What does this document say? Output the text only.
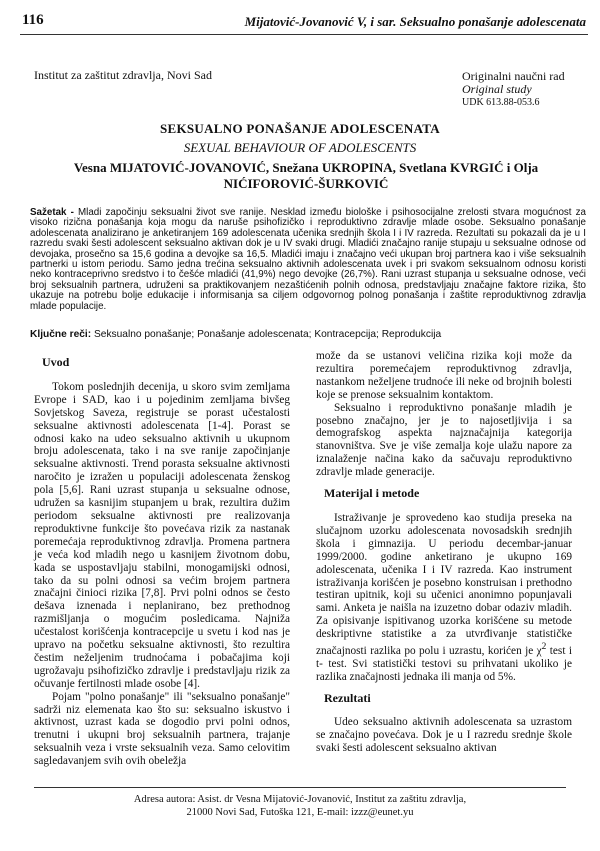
116	Mijatović-Jovanović V, i sar. Seksualno ponašanje adolescenata
Institut za zaštitut zdravlja, Novi Sad	Originalni naučni rad
Original study
UDK 613.88-053.6
SEKSUALNO PONAŠANJE ADOLESCENATA
SEXUAL BEHAVIOUR OF ADOLESCENTS
Vesna MIJATOVIĆ-JOVANOVIĆ, Snežana UKROPINA, Svetlana KVRGIĆ i Olja NIĆIFOROVIĆ-ŠURKOVIĆ
Sažetak - Mladi započinju seksualni život sve ranije. Nesklad između biološke i psihosocijalne zrelosti stvara mogućnost za visoko rizična ponašanja koja mogu da naruše psihofizičko i reproduktivno zdravlje mlade osobe. Seksualno ponašanje adolescenata analizirano je anketiranjem 169 adolescenata učenika srednjih škola I i IV razreda. Rezultati su pokazali da je u I razredu svaki šesti adolescent seksualno aktivan dok je u IV svaki drugi. Mladići značajno ranije stupaju u seksualne odnose od devojaka, prosečno sa 15,6 godina a devojke sa 16,5. Mladići imaju i značajno veći ukupan broj partnera kao i više seksualnih partnerki u istom periodu. Samo jedna trećina seksualno aktivnih adolescenata uvek i pri svakom seksualnom odnosu koristi neko kontraceprivno sredstvo i to češće mladići (41,9%) nego devojke (26,7%). Rani uzrast stupanja u seksualne odnose, veći broj seksualnih partnera, udruženi sa praktikovanjem nezaštićenih polnih odnosa, predstavljaju značajne faktore rizika, što ukazuje na potrebu bolje edukacije i informisanja sa ciljem odgovornog polnog ponašanja i zaštite reproduktivnog zdravlja mlade populacije.
Ključne reči: Seksualno ponašanje; Ponašanje adolescenata; Kontracepcija; Reprodukcija
Uvod

Tokom poslednjih decenija, u skoro svim zemljama Evrope i SAD, kao i u pojedinim zemljama bivšeg Sovjetskog Saveza, registruje se porast učestalosti seksualne aktivnosti adolescenata [1-4]. Porast se odnosi kako na udeo seksualno aktivnih u ukupnom broju adolescenata, tako i na sve ranije započinjanje seksualne aktivnosti. Trend porasta seksualne aktivnosti naročito je izražen u populaciji adolescenata ženskog pola [5,6]. Rani uzrast stupanja u seksualne odnose, udružen sa kasnijim stupanjem u brak, rezultira dužim periodom seksualne aktivnosti pre realizovanja reproduktivne funkcije što povećava rizik za nastanak poremećaja reproduktivnog zdravlja. Promena partnera je veća kod mladih nego u kasnijem životnom dobu, kada se uspostavljaju stabilni, monogamijski odnosi, tako da su polni odnosi sa većim brojem partnera značajni činioci rizika [7,8]. Prvi polni odnos se često dešava iznenada i neplanirano, bez prethodnog razmišljanja o mogućim posledicama. Najniža učestalost korišćenja kontracepcije u svetu i kod nas je upravo na početku seksualne aktivnosti, što rezultira čestim neželjenim trudnoćama i pobačajima koji ugrožavaju psihofizičko zdravlje i predstavljaju rizik za očuvanje fertilnosti mlade osobe [4].

Pojam "polno ponašanje" ili "seksualno ponašanje" sadrži niz elemenata kao što su: seksualno iskustvo i aktivnost, uzrast kada se dogodio prvi polni odnos, trenutni i ukupni broj seksualnih partnera, trajanje seksualnih veza i vrste seksualnih veza. Samo celovitim sagledavanjem svih ovih obeležja

može da se ustanovi veličina rizika koji može da rezultira poremećajem reproduktivnog zdravlja, nastankom neželjene trudnoće ili neke od brojnih bolesti koje se prenose seksualnim kontaktom.

Seksualno i reproduktivno ponašanje mladih je posebno značajno, jer je to najosetljivija i sa demografskog aspekta najznačajnija kategorija stanovništva. Sve je više zemalja koje ulažu napore za iznalaženje načina kako da sačuvaju reproduktivno zdravlje mlade generacije.

Materijal i metode

Istraživanje je sprovedeno kao studija preseka na slučajnom uzorku adolescenata novosadskih srednjih škola i gimnazija. U periodu decembar-januar 1999/2000. godine anketirano je ukupno 169 adolescenata, učenika I i IV razreda. Kao instrument istraživanja korišćen je posebno konstruisan i prethodno testiran upitnik, koji su učenici anonimno popunjavali sami. Anketa je naišla na izuzetno dobar odaziv mladih. Za opisivanje ispitivanog uzorka korišćene su metode deskriptivne statistike a za utvrđivanje statističke značajnosti razlika po polu i uzrastu, korićen je $\chi^2$ test i t- test. Svi statistički testovi su prihvatani ukoliko je razlika značajnosti jednaka ili manja od 5%.

Rezultati

Udeo seksualno aktivnih adolescenata sa uzrastom se značajno povećava. Dok je u I razredu srednje škole svaki šesti adolescent seksualno aktivan

Adresa autora: Asist. dr Vesna Mijatović-Jovanović, Institut za zaštitu zdravlja,
21000 Novi Sad, Futoška 121, E-mail: izzz@eunet.yu
